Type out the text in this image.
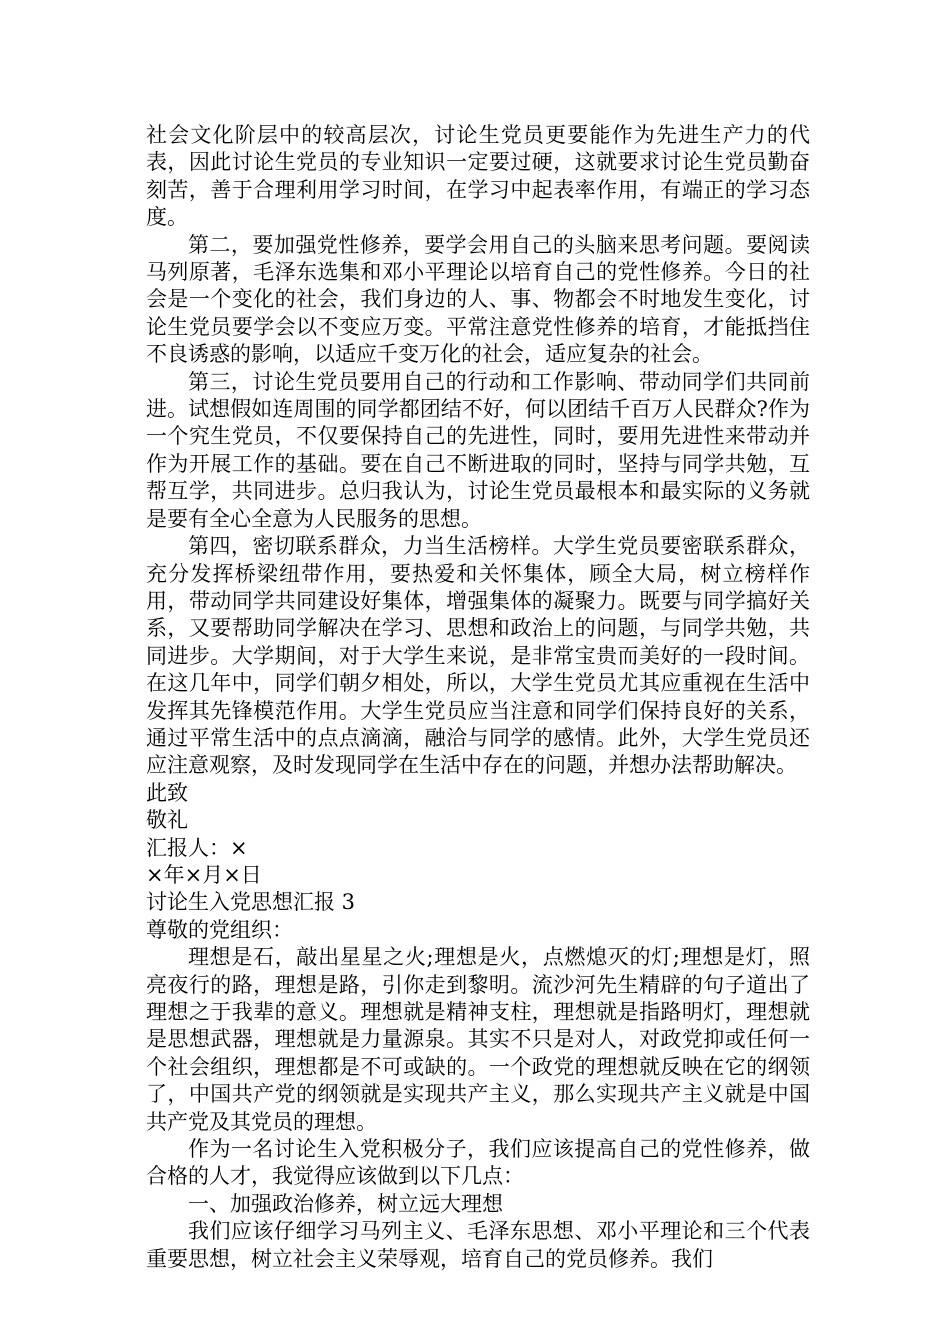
社会文化阶层中的较高层次，讨论生党员更要能作为先进生产力的代表，因此讨论生党员的专业知识一定要过硬，这就要求讨论生党员勤奋刻苦，善于合理利用学习时间，在学习中起表率作用，有端正的学习态度。

第二，要加强党性修养，要学会用自己的头脑来思考问题。要阅读马列原著，毛泽东选集和邓小平理论以培育自己的党性修养。今日的社会是一个变化的社会，我们身边的人、事、物都会不时地发生变化，讨论生党员要学会以不变应万变。平常注意党性修养的培育，才能抵挡住不良诱惑的影响，以适应千变万化的社会，适应复杂的社会。

第三，讨论生党员要用自己的行动和工作影响、带动同学们共同前进。试想假如连周围的同学都团结不好，何以团结千百万人民群众?作为一个究生党员，不仅要保持自己的先进性，同时，要用先进性来带动并作为开展工作的基础。要在自己不断进取的同时，坚持与同学共勉，互帮互学，共同进步。总归我认为，讨论生党员最根本和最实际的义务就是要有全心全意为人民服务的思想。

第四，密切联系群众，力当生活榜样。大学生党员要密联系群众，充分发挥桥梁纽带作用，要热爱和关怀集体，顾全大局，树立榜样作用，带动同学共同建设好集体，增强集体的凝聚力。既要与同学搞好关系，又要帮助同学解决在学习、思想和政治上的问题，与同学共勉，共同进步。大学期间，对于大学生来说，是非常宝贵而美好的一段时间。在这几年中，同学们朝夕相处，所以，大学生党员尤其应重视在生活中发挥其先锋模范作用。大学生党员应当注意和同学们保持良好的关系，通过平常生活中的点点滴滴，融洽与同学的感情。此外，大学生党员还应注意观察，及时发现同学在生活中存在的问题，并想办法帮助解决。

此致

敬礼

汇报人：×

×年×月×日

讨论生入党思想汇报 3

尊敬的党组织：

理想是石，敲出星星之火;理想是火，点燃熄灭的灯;理想是灯，照亮夜行的路，理想是路，引你走到黎明。流沙河先生精辟的句子道出了理想之于我辈的意义。理想就是精神支柱，理想就是指路明灯，理想就是思想武器，理想就是力量源泉。其实不只是对人，对政党抑或任何一个社会组织，理想都是不可或缺的。一个政党的理想就反映在它的纲领了，中国共产党的纲领就是实现共产主义，那么实现共产主义就是中国共产党及其党员的理想。

作为一名讨论生入党积极分子，我们应该提高自己的党性修养，做合格的人才，我觉得应该做到以下几点：

一、加强政治修养，树立远大理想

我们应该仔细学习马列主义、毛泽东思想、邓小平理论和三个代表重要思想，树立社会主义荣辱观，培育自己的党员修养。我们
